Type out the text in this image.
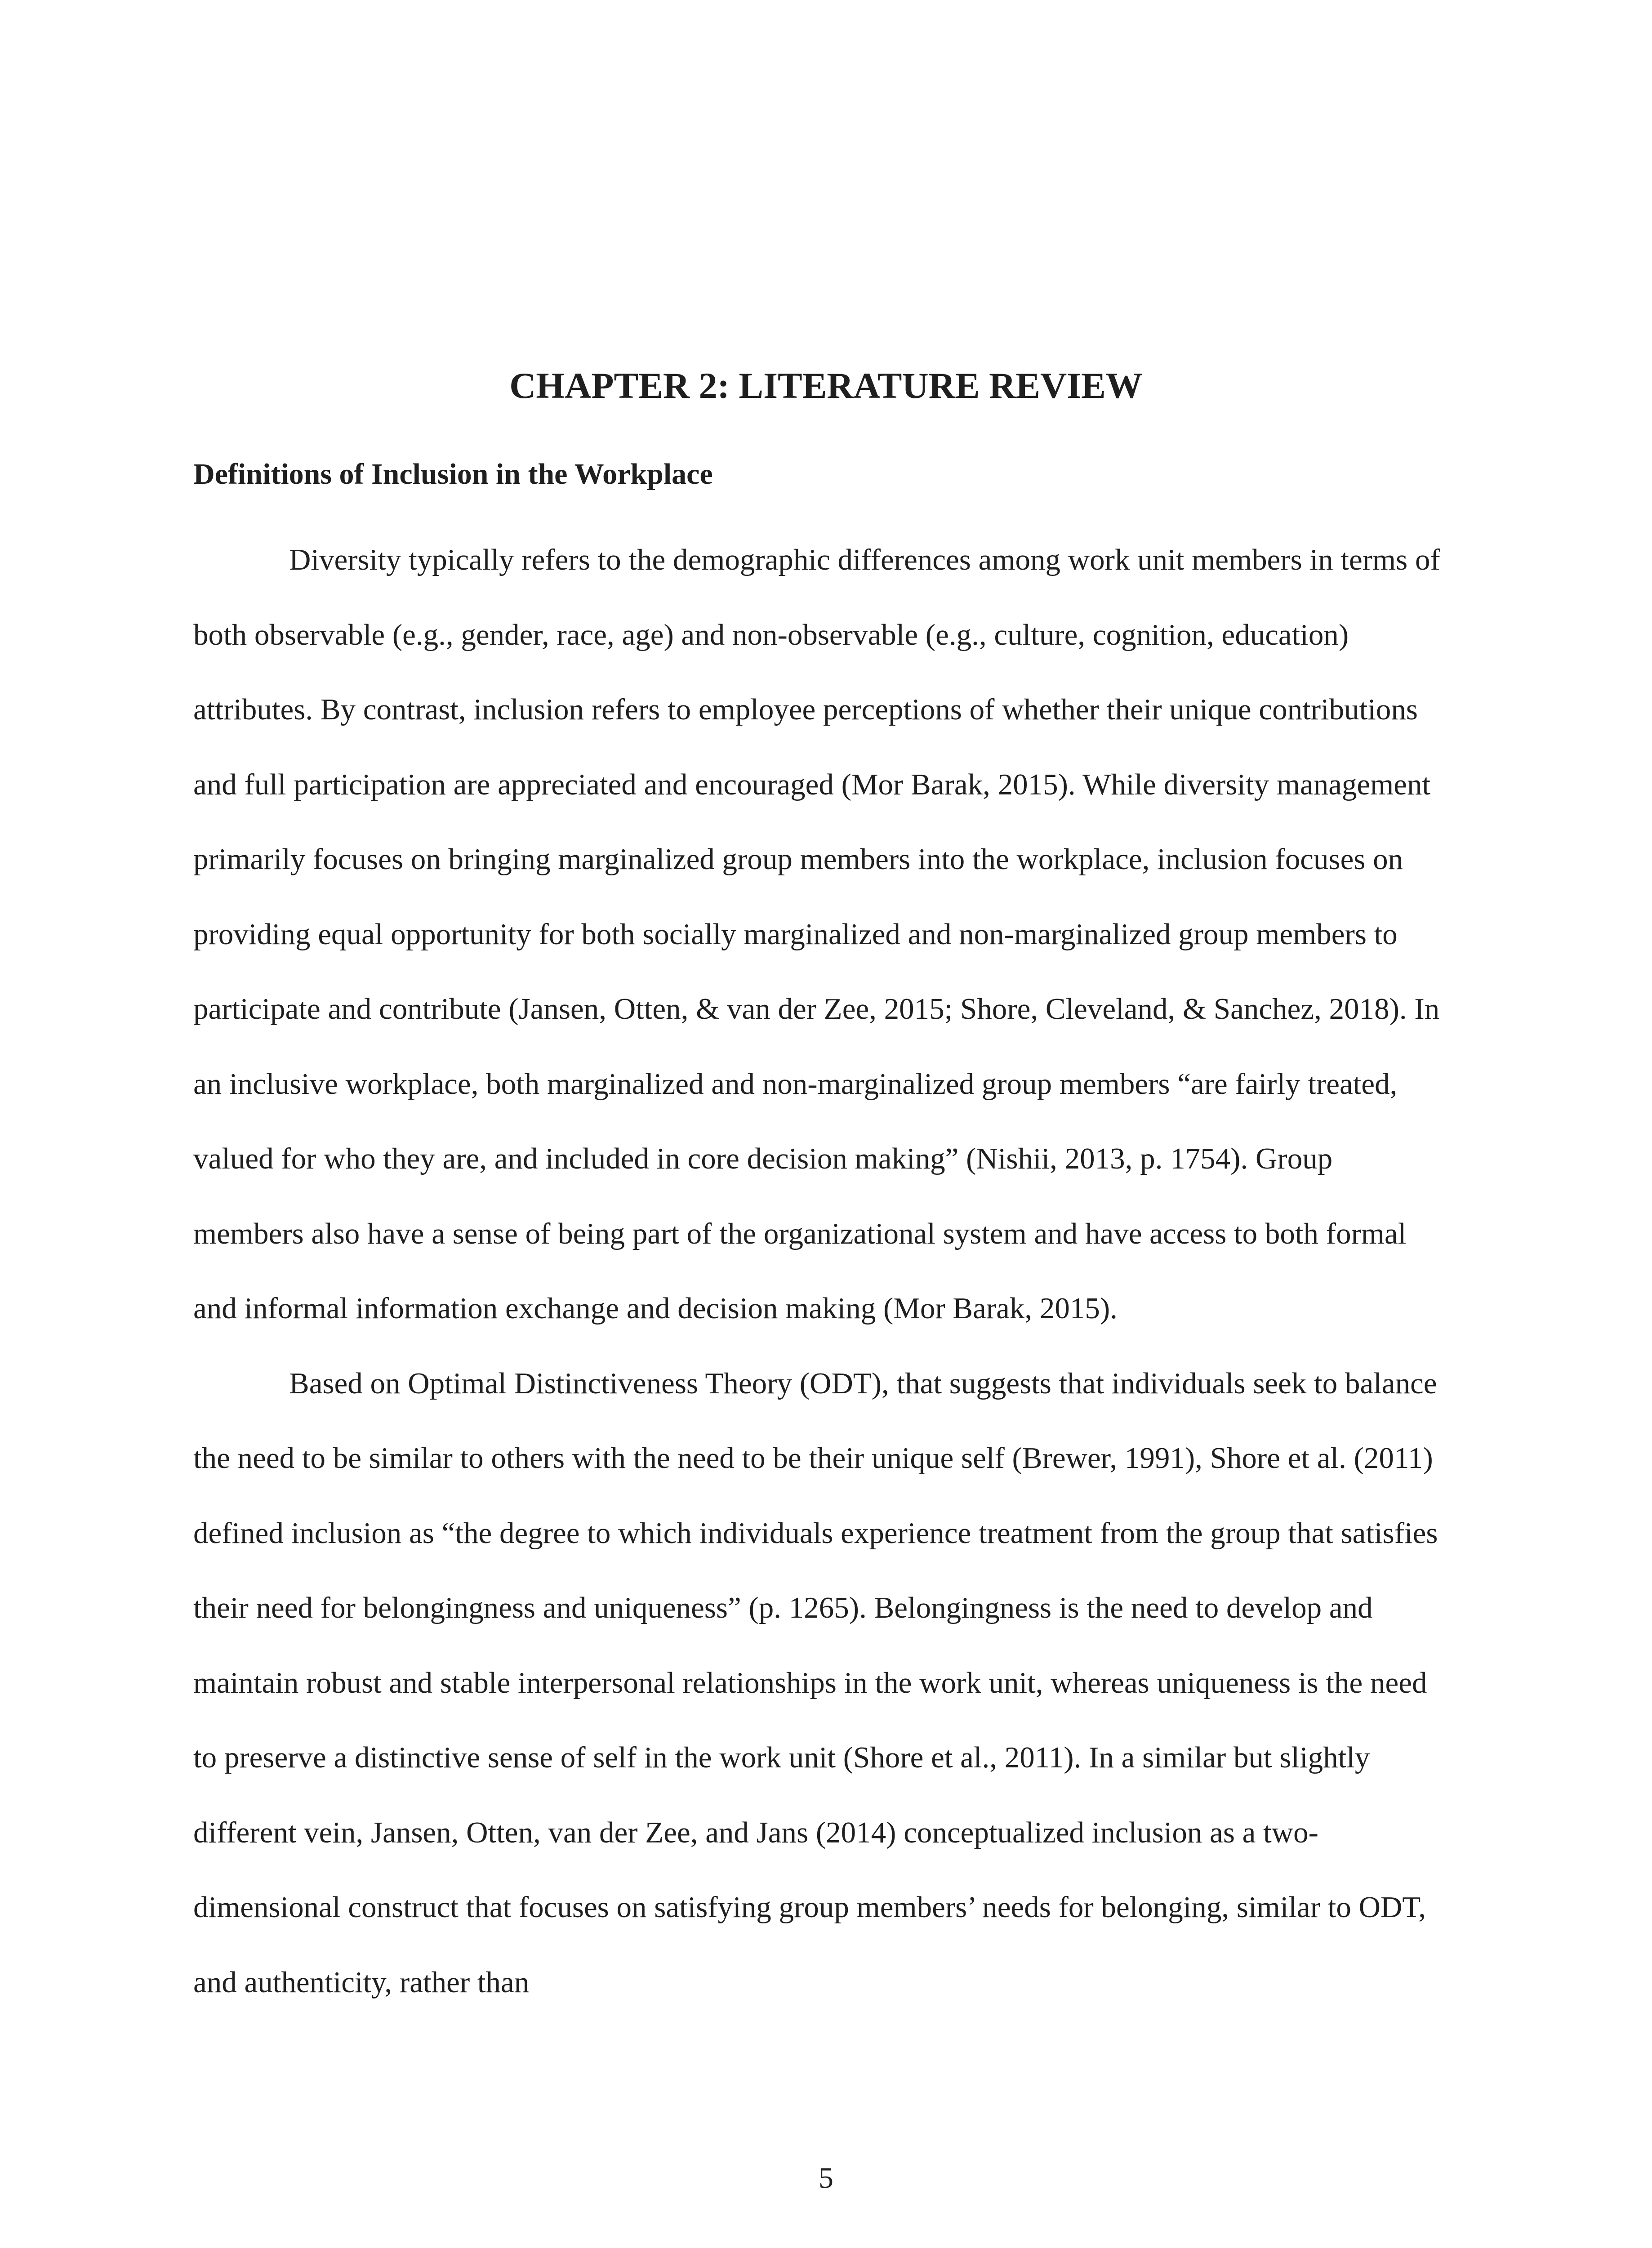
CHAPTER 2: LITERATURE REVIEW
Definitions of Inclusion in the Workplace

Diversity typically refers to the demographic differences among work unit members in terms of both observable (e.g., gender, race, age) and non-observable (e.g., culture, cognition, education) attributes. By contrast, inclusion refers to employee perceptions of whether their unique contributions and full participation are appreciated and encouraged (Mor Barak, 2015). While diversity management primarily focuses on bringing marginalized group members into the workplace, inclusion focuses on providing equal opportunity for both socially marginalized and non-marginalized group members to participate and contribute (Jansen, Otten, & van der Zee, 2015; Shore, Cleveland, & Sanchez, 2018). In an inclusive workplace, both marginalized and non-marginalized group members “are fairly treated, valued for who they are, and included in core decision making” (Nishii, 2013, p. 1754). Group members also have a sense of being part of the organizational system and have access to both formal and informal information exchange and decision making (Mor Barak, 2015).

Based on Optimal Distinctiveness Theory (ODT), that suggests that individuals seek to balance the need to be similar to others with the need to be their unique self (Brewer, 1991), Shore et al. (2011) defined inclusion as “the degree to which individuals experience treatment from the group that satisfies their need for belongingness and uniqueness” (p. 1265). Belongingness is the need to develop and maintain robust and stable interpersonal relationships in the work unit, whereas uniqueness is the need to preserve a distinctive sense of self in the work unit (Shore et al., 2011). In a similar but slightly different vein, Jansen, Otten, van der Zee, and Jans (2014) conceptualized inclusion as a two-dimensional construct that focuses on satisfying group members’ needs for belonging, similar to ODT, and authenticity, rather than

5
